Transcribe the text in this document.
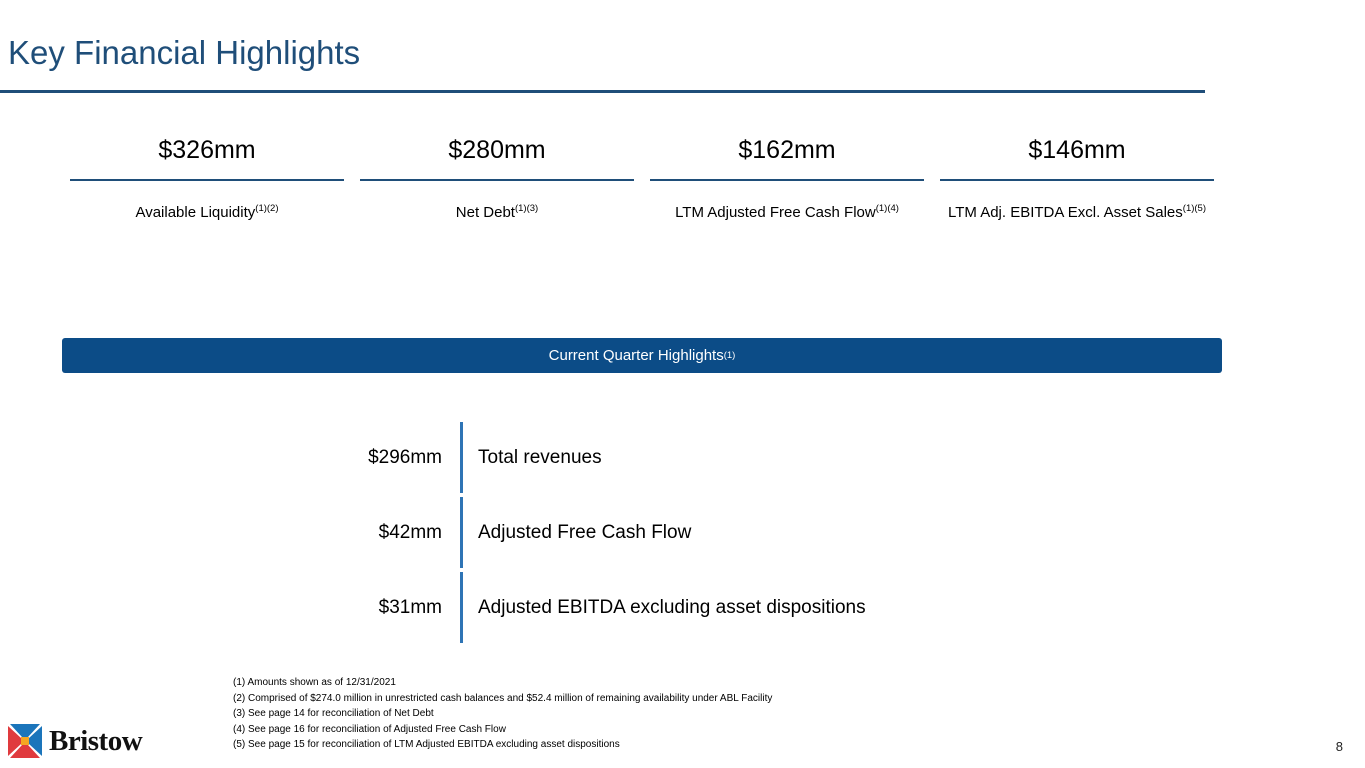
Key Financial Highlights
$326mm
Available Liquidity$^{(1)(2)}$
$280mm
Net Debt$^{(1)(3)}$
$162mm
LTM Adjusted Free Cash Flow$^{(1)(4)}$
$146mm
LTM Adj. EBITDA Excl. Asset Sales$^{(1)(5)}$
Current Quarter Highlights (1)
$296mm	Total revenues
$42mm	Adjusted Free Cash Flow
$31mm	Adjusted EBITDA excluding asset dispositions
(1) Amounts shown as of 12/31/2021
(2) Comprised of $274.0 million in unrestricted cash balances and $52.4 million of remaining availability under ABL Facility
(3) See page 14 for reconciliation of Net Debt
(4) See page 16 for reconciliation of Adjusted Free Cash Flow
(5) See page 15 for reconciliation of LTM Adjusted EBITDA excluding asset dispositions
Bristow	8
